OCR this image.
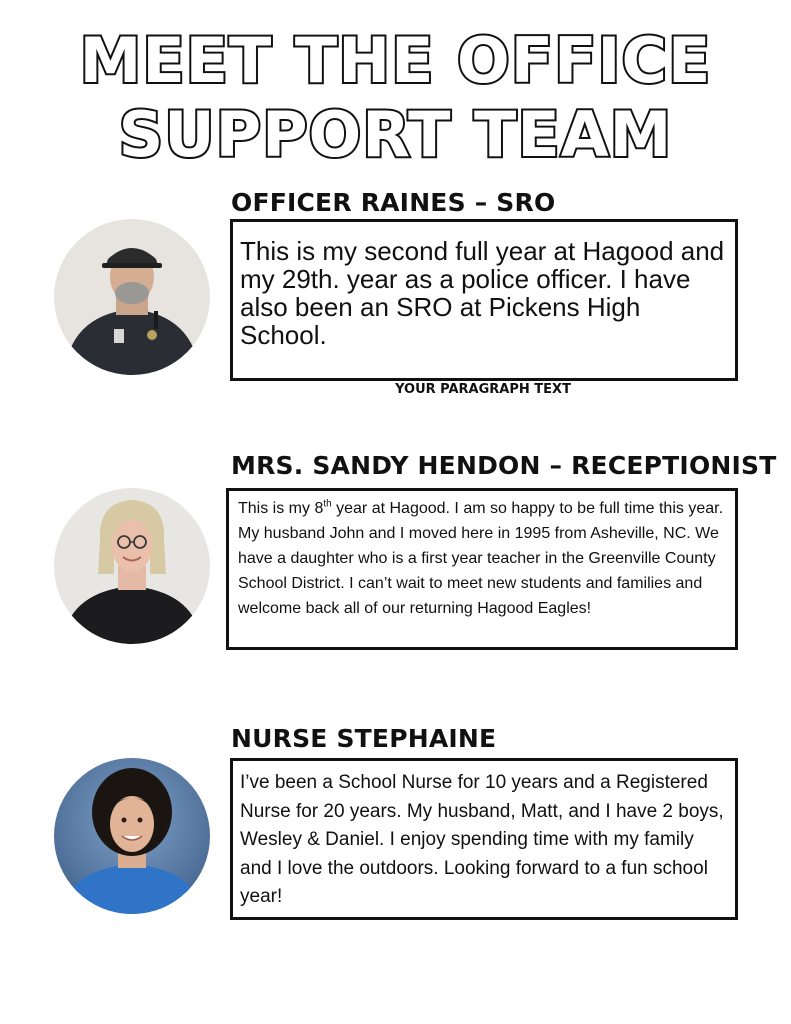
MEET THE OFFICE
SUPPORT TEAM
OFFICER RAINES – SRO

This is my second full year at Hagood and my 29th. year as a police officer. I have also been an SRO at Pickens High School.

YOUR PARAGRAPH TEXT
MRS. SANDY HENDON – RECEPTIONIST

This is my 8th year at Hagood. I am so happy to be full time this year. My husband John and I moved here in 1995 from Asheville, NC. We have a daughter who is a first year teacher in the Greenville County School District. I can’t wait to meet new students and families and welcome back all of our returning Hagood Eagles!

NURSE STEPHAINE

I’ve been a School Nurse for 10 years and a Registered Nurse for 20 years. My husband, Matt, and I have 2 boys, Wesley & Daniel. I enjoy spending time with my family and I love the outdoors. Looking forward to a fun school year!
